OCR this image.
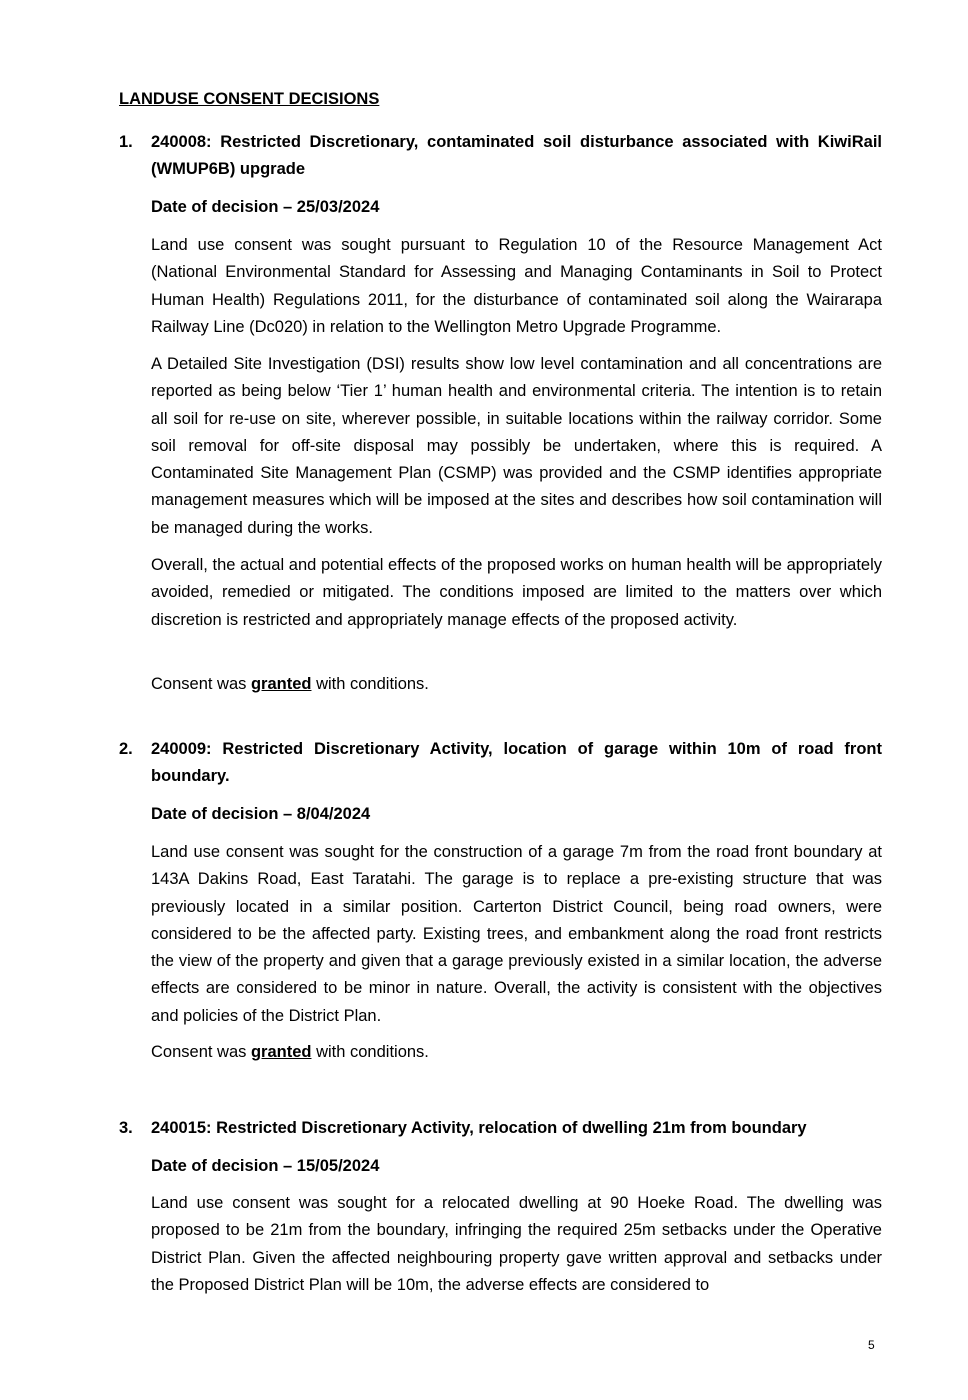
LANDUSE CONSENT DECISIONS
1. 240008: Restricted Discretionary, contaminated soil disturbance associated with KiwiRail (WMUP6B) upgrade
Date of decision – 25/03/2024
Land use consent was sought pursuant to Regulation 10 of the Resource Management Act (National Environmental Standard for Assessing and Managing Contaminants in Soil to Protect Human Health) Regulations 2011, for the disturbance of contaminated soil along the Wairarapa Railway Line (Dc020) in relation to the Wellington Metro Upgrade Programme.
A Detailed Site Investigation (DSI) results show low level contamination and all concentrations are reported as being below ‘Tier 1’ human health and environmental criteria. The intention is to retain all soil for re-use on site, wherever possible, in suitable locations within the railway corridor. Some soil removal for off-site disposal may possibly be undertaken, where this is required. A Contaminated Site Management Plan (CSMP) was provided and the CSMP identifies appropriate management measures which will be imposed at the sites and describes how soil contamination will be managed during the works.
Overall, the actual and potential effects of the proposed works on human health will be appropriately avoided, remedied or mitigated. The conditions imposed are limited to the matters over which discretion is restricted and appropriately manage effects of the proposed activity.
Consent was granted with conditions.
2. 240009: Restricted Discretionary Activity, location of garage within 10m of road front boundary.
Date of decision – 8/04/2024
Land use consent was sought for the construction of a garage 7m from the road front boundary at 143A Dakins Road, East Taratahi. The garage is to replace a pre-existing structure that was previously located in a similar position. Carterton District Council, being road owners, were considered to be the affected party. Existing trees, and embankment along the road front restricts the view of the property and given that a garage previously existed in a similar location, the adverse effects are considered to be minor in nature. Overall, the activity is consistent with the objectives and policies of the District Plan.
Consent was granted with conditions.
3. 240015: Restricted Discretionary Activity, relocation of dwelling 21m from boundary
Date of decision – 15/05/2024
Land use consent was sought for a relocated dwelling at 90 Hoeke Road. The dwelling was proposed to be 21m from the boundary, infringing the required 25m setbacks under the Operative District Plan. Given the affected neighbouring property gave written approval and setbacks under the Proposed District Plan will be 10m, the adverse effects are considered to
5
